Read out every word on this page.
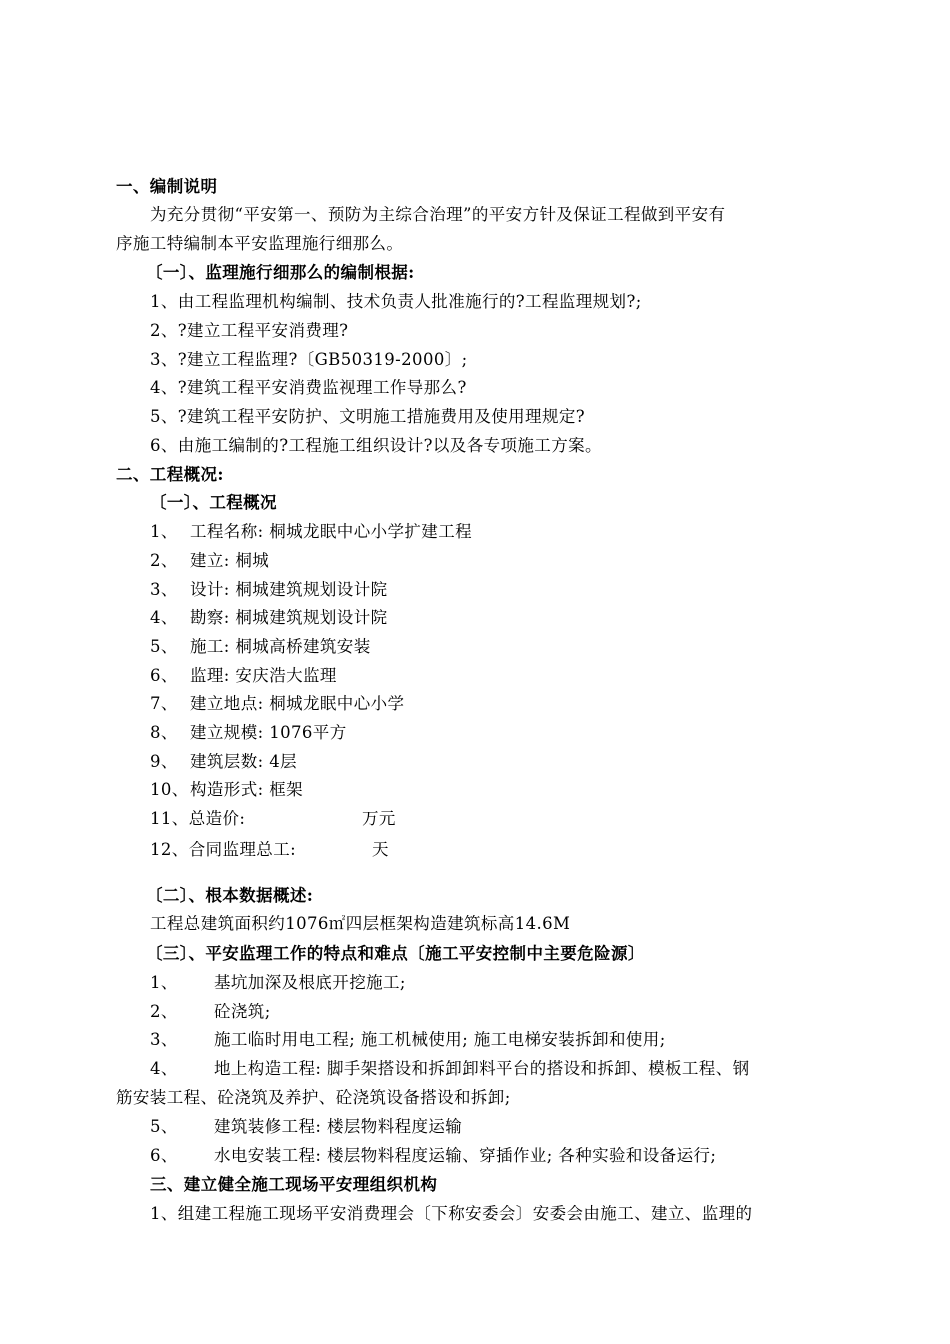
一、编制说明
为充分贯彻“平安第一、预防为主综合治理”的平安方针及保证工程做到平安有
序施工特编制本平安监理施行细那么。
〔一〕、监理施行细那么的编制根据:
1、由工程监理机构编制、技术负责人批准施行的?工程监理规划?;
2、?建立工程平安消费理?
3、?建立工程监理?〔GB50319-2000〕;
4、?建筑工程平安消费监视理工作导那么?
5、?建筑工程平安防护、文明施工措施费用及使用理规定?
6、由施工编制的?工程施工组织设计?以及各专项施工方案。
二、工程概况:
〔一〕、工程概况
1、 工程名称: 桐城龙眠中心小学扩建工程
2、 建立: 桐城
3、 设计: 桐城建筑规划设计院
4、 勘察: 桐城建筑规划设计院
5、 施工: 桐城高桥建筑安装
6、 监理: 安庆浩大监理
7、 建立地点: 桐城龙眠中心小学
8、 建立规模: 1076平方
9、 建筑层数: 4层
10、构造形式: 框架
11、总造价:	万元
12、合同监理总工:	天
〔二〕、根本数据概述:
工程总建筑面积约1076㎡四层框架构造建筑标高14.6M
〔三〕、平安监理工作的特点和难点〔施工平安控制中主要危险源〕
1、 基坑加深及根底开挖施工;
2、 砼浇筑;
3、 施工临时用电工程; 施工机械使用; 施工电梯安装拆卸和使用;
4、 地上构造工程: 脚手架搭设和拆卸卸料平台的搭设和拆卸、模板工程、钢
筋安装工程、砼浇筑及养护、砼浇筑设备搭设和拆卸;
5、 建筑装修工程: 楼层物料程度运输
6、 水电安装工程: 楼层物料程度运输、穿插作业; 各种实验和设备运行;
三、建立健全施工现场平安理组织机构
1、组建工程施工现场平安消费理会〔下称安委会〕安委会由施工、建立、监理的
